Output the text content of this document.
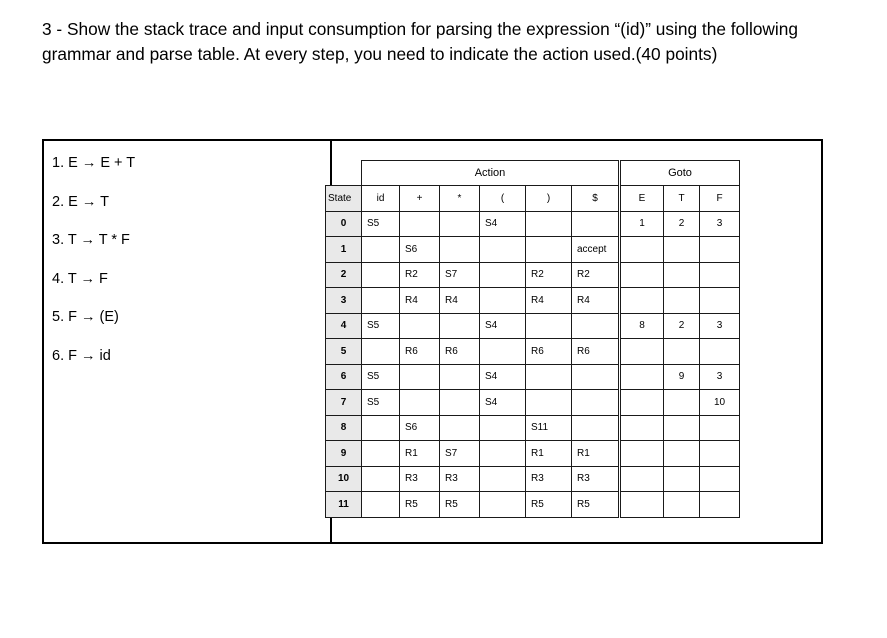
3 - Show the stack trace and input consumption for parsing the expression “(id)” using the following grammar and parse table. At every step, you need to indicate the action used.(40 points)
1. E → E + T
2. E → T
3. T → T * F
4. T → F
5. F → (E)
6. F → id
	Action						Goto		
State	id	+	*	(	)	$	E	T	F
0	S5			S4			1	2	3
1		S6				accept			
2		R2	S7		R2	R2			
3		R4	R4		R4	R4			
4	S5			S4			8	2	3
5		R6	R6		R6	R6			
6	S5			S4				9	3
7	S5			S4					10
8		S6			S11				
9		R1	S7		R1	R1			
10		R3	R3		R3	R3			
11		R5	R5		R5	R5			
